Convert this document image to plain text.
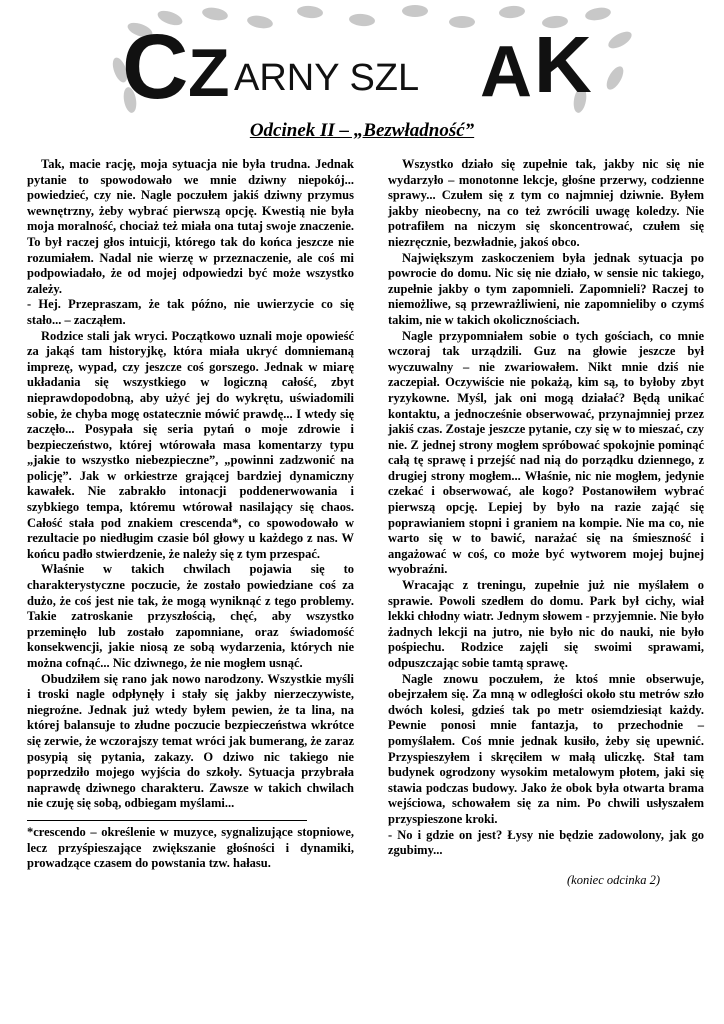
C Z ARNY SZL A K
Odcinek II – „Bezwładność”

Tak, macie rację, moja sytuacja nie była trudna. Jednak pytanie to spowodowało we mnie dziwny niepokój... powiedzieć, czy nie. Nagle poczułem jakiś dziwny przymus wewnętrzny, żeby wybrać pierwszą opcję. Kwestią nie była moja moralność, chociaż też miała ona tutaj swoje znaczenie. To był raczej głos intuicji, którego tak do końca jeszcze nie rozumiałem. Nadal nie wierzę w przeznaczenie, ale coś mi podpowiadało, że od mojej odpowiedzi być może wszystko zależy.

- Hej. Przepraszam, że tak późno, nie uwierzycie co się stało... – zacząłem.

Rodzice stali jak wryci. Początkowo uznali moje opowieść za jakąś tam historyjkę, która miała ukryć domniemaną imprezę, wypad, czy jeszcze coś gorszego. Jednak w miarę układania się wszystkiego w logiczną całość, zbyt nieprawdopodobną, aby użyć jej do wykrętu, uświadomili sobie, że chyba mogę ostatecznie mówić prawdę... I wtedy się zaczęło... Posypała się seria pytań o moje zdrowie i bezpieczeństwo, której wtórowała masa komentarzy typu „jakie to wszystko niebezpieczne”, „powinni zadzwonić na policję”. Jak w orkiestrze grającej bardziej dynamiczny kawałek. Nie zabrakło intonacji poddenerwowania i szybkiego tempa, któremu wtórował nasilający się chaos. Całość stała pod znakiem crescenda*, co spowodowało w rezultacie po niedługim czasie ból głowy u każdego z nas. W końcu padło stwierdzenie, że należy się z tym przespać.

Właśnie w takich chwilach pojawia się to charakterystyczne poczucie, że zostało powiedziane coś za dużo, że coś jest nie tak, że mogą wyniknąć z tego problemy. Takie zatroskanie przyszłością, chęć, aby wszystko przeminęło lub zostało zapomniane, oraz świadomość konsekwencji, jakie niosą ze sobą wydarzenia, których nie można cofnąć... Nic dziwnego, że nie mogłem usnąć.

Obudziłem się rano jak nowo narodzony. Wszystkie myśli i troski nagle odpłynęły i stały się jakby nierzeczywiste, niegroźne. Jednak już wtedy byłem pewien, że ta lina, na której balansuje to złudne poczucie bezpieczeństwa wkrótce się zerwie, że wczorajszy temat wróci jak bumerang, że zaraz posypią się pytania, zakazy. O dziwo nic takiego nie poprzedziło mojego wyjścia do szkoły. Sytuacja przybrała naprawdę dziwnego charakteru. Zawsze w takich chwilach nie czuję się sobą, odbiegam myślami...

*crescendo – określenie w muzyce, sygnalizujące stopniowe, lecz przyśpieszające zwiększanie głośności i dynamiki, prowadzące czasem do powstania tzw. hałasu.

Wszystko działo się zupełnie tak, jakby nic się nie wydarzyło – monotonne lekcje, głośne przerwy, codzienne sprawy... Czułem się z tym co najmniej dziwnie. Byłem jakby nieobecny, na co też zwrócili uwagę koledzy. Nie potrafiłem na niczym się skoncentrować, czułem się niezręcznie, bezwładnie, jakoś obco.

Największym zaskoczeniem była jednak sytuacja po powrocie do domu. Nic się nie działo, w sensie nic takiego, zupełnie jakby o tym zapomnieli. Zapomnieli? Raczej to niemożliwe, są przewrażliwieni, nie zapomnieliby o czymś takim, nie w takich okolicznościach.

Nagle przypomniałem sobie o tych gościach, co mnie wczoraj tak urządzili. Guz na głowie jeszcze był wyczuwalny – nie zwariowałem. Nikt mnie dziś nie zaczepiał. Oczywiście nie pokażą, kim są, to byłoby zbyt ryzykowne. Myśl, jak oni mogą działać? Będą unikać kontaktu, a jednocześnie obserwować, przynajmniej przez jakiś czas. Zostaje jeszcze pytanie, czy się w to mieszać, czy nie. Z jednej strony mogłem spróbować spokojnie pominąć całą tę sprawę i przejść nad nią do porządku dziennego, z drugiej strony mogłem... Właśnie, nic nie mogłem, jedynie czekać i obserwować, ale kogo? Postanowiłem wybrać pierwszą opcję. Lepiej by było na razie zająć się poprawianiem stopni i graniem na kompie. Nie ma co, nie warto się w to bawić, narażać się na śmieszność i angażować w coś, co może być wytworem mojej bujnej wyobraźni.

Wracając z treningu, zupełnie już nie myślałem o sprawie. Powoli szedłem do domu. Park był cichy, wiał lekki chłodny wiatr. Jednym słowem - przyjemnie. Nie było żadnych lekcji na jutro, nie było nic do nauki, nie było pośpiechu. Rodzice zajęli się swoimi sprawami, odpuszczając sobie tamtą sprawę.

Nagle znowu poczułem, że ktoś mnie obserwuje, obejrzałem się. Za mną w odległości około stu metrów szło dwóch kolesi, gdzieś tak po metr osiemdziesiąt każdy. Pewnie ponosi mnie fantazja, to przechodnie – pomyślałem. Coś mnie jednak kusiło, żeby się upewnić. Przyspieszyłem i skręciłem w małą uliczkę. Stał tam budynek ogrodzony wysokim metalowym płotem, jaki się stawia podczas budowy. Jako że obok była otwarta brama wejściowa, schowałem się za nim. Po chwili usłyszałem przyspieszone kroki.

- No i gdzie on jest? Łysy nie będzie zadowolony, jak go zgubimy...

(koniec odcinka 2)
